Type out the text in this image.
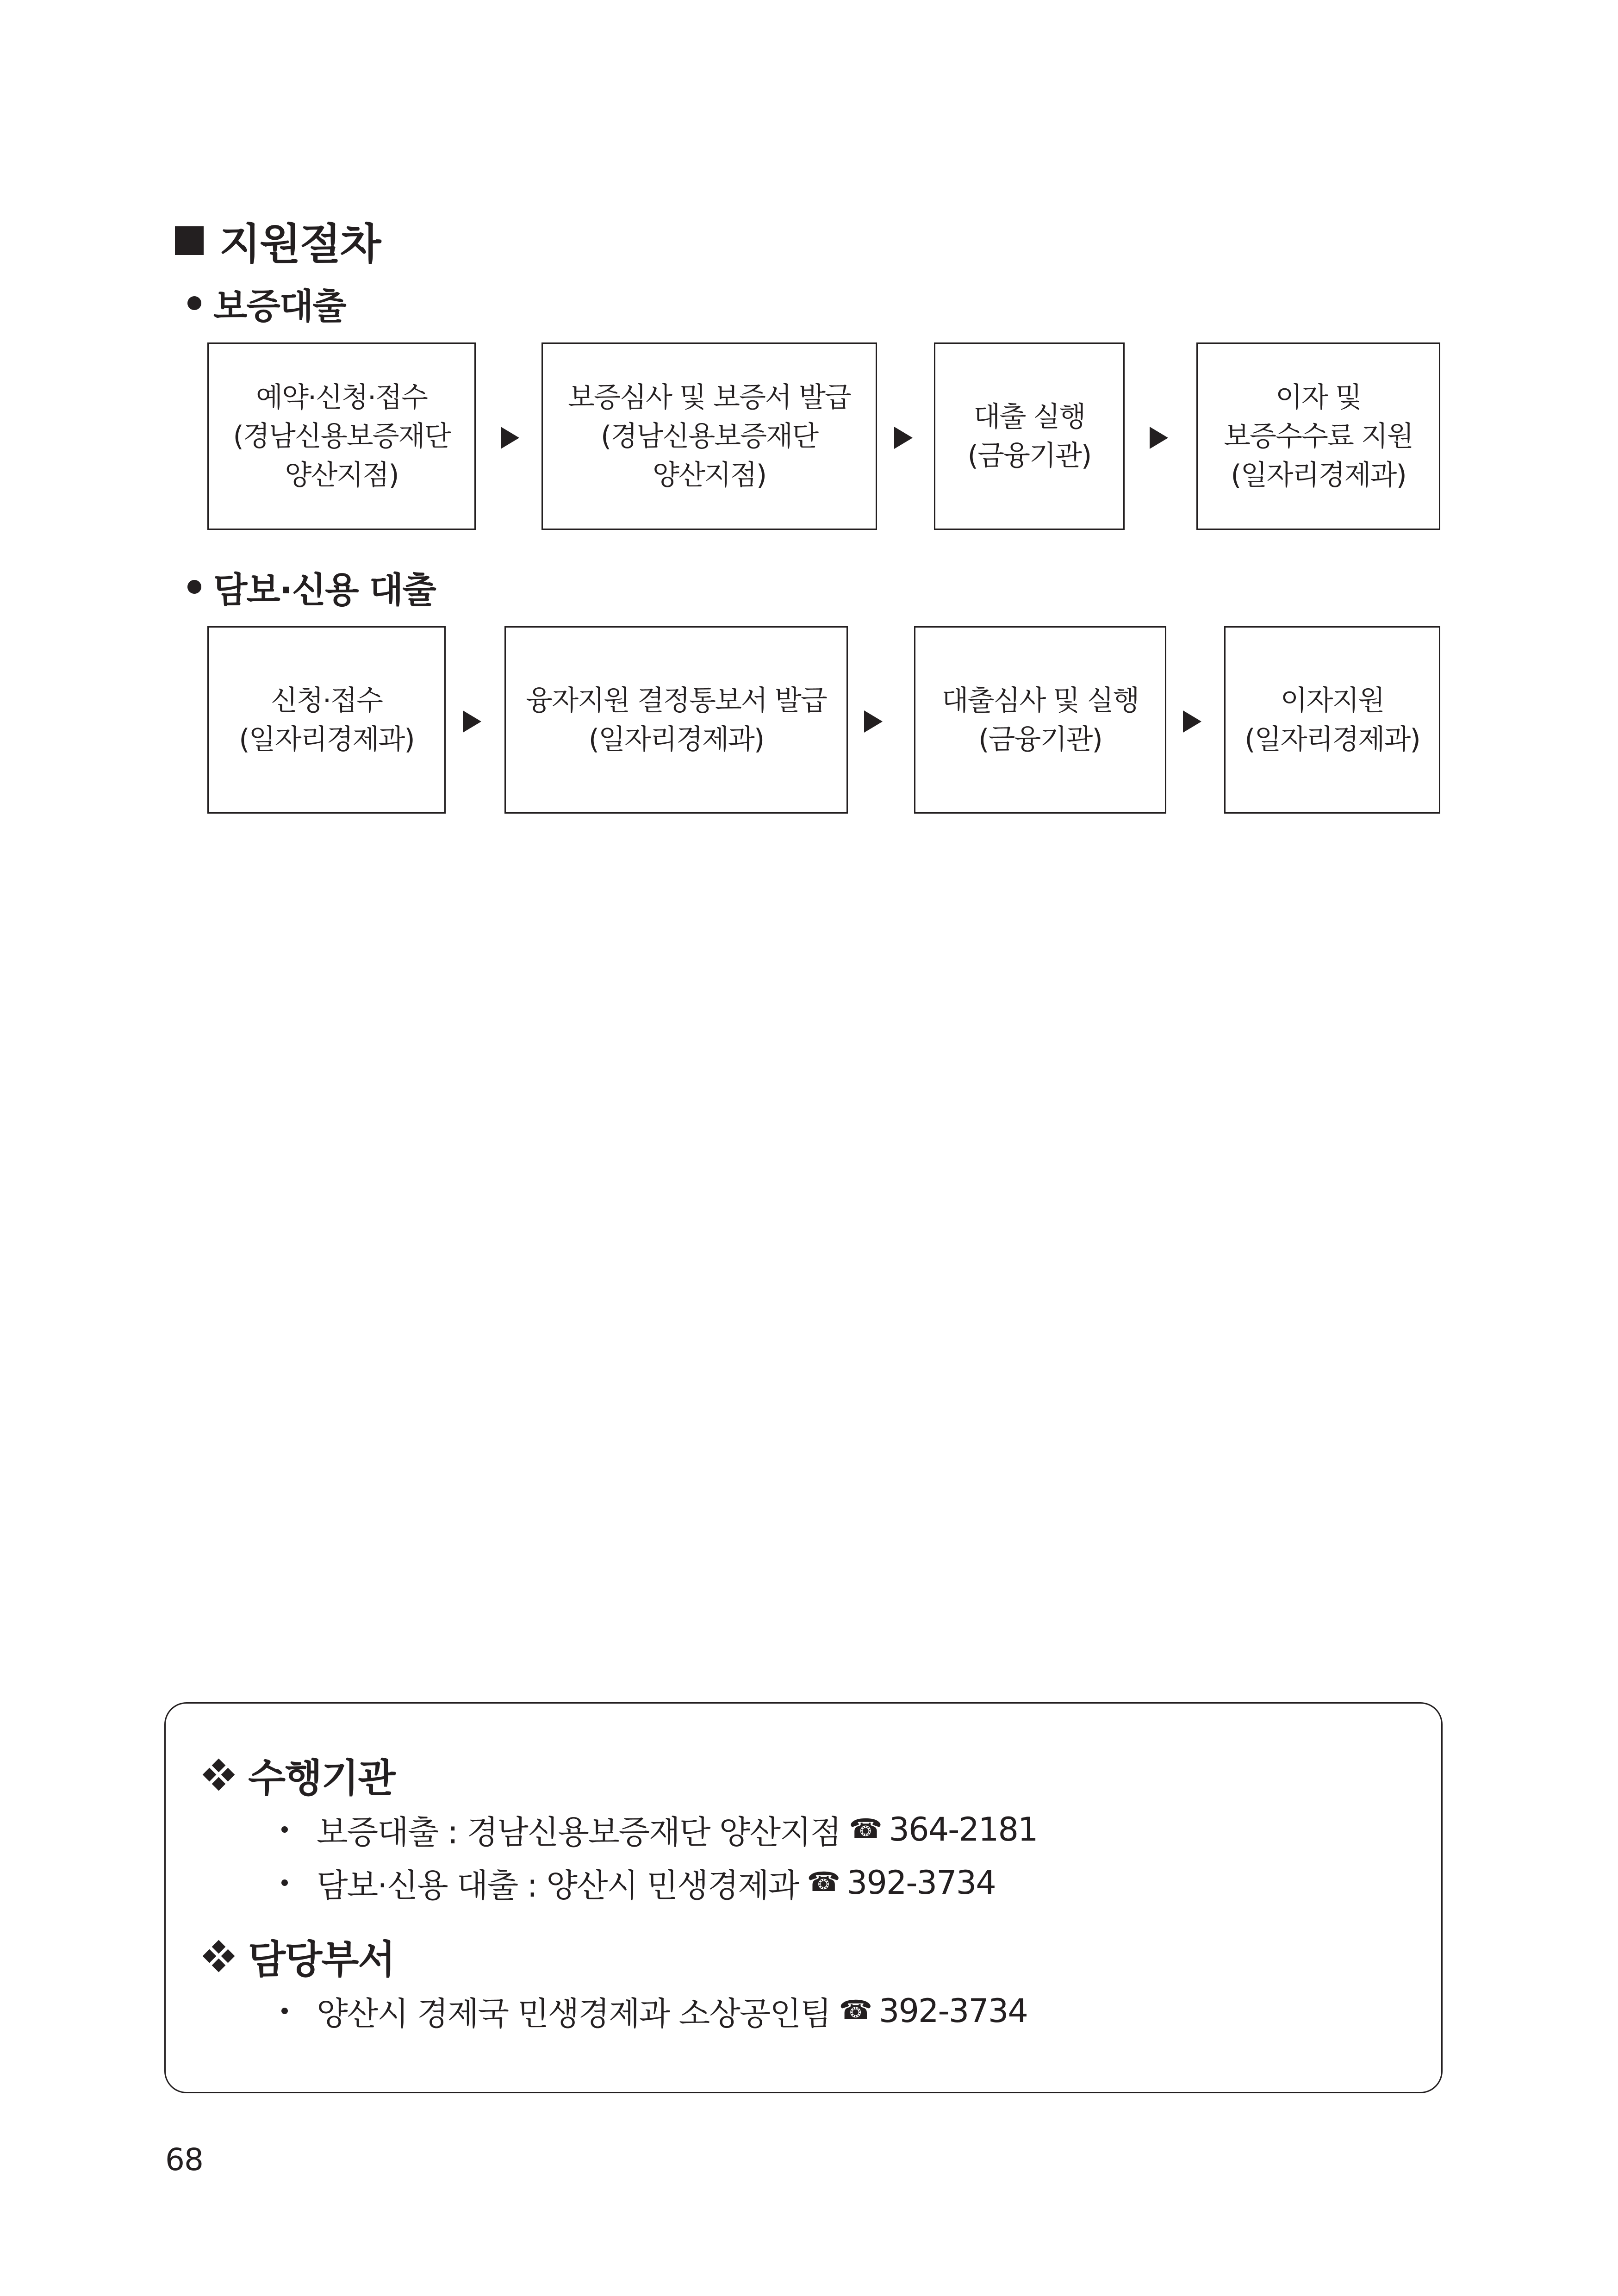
지원절차
보증대출
예약·신청·접수
(경남신용보증재단
양산지점)
보증심사 및 보증서 발급
(경남신용보증재단
양산지점)
대출 실행
(금융기관)
이자 및
보증수수료 지원
(일자리경제과)
담보·신용 대출
신청·접수
(일자리경제과)
융자지원 결정통보서 발급
(일자리경제과)
대출심사 및 실행
(금융기관)
이자지원
(일자리경제과)
수행기관
보증대출 : 경남신용보증재단 양산지점 ☎ 364-2181
담보·신용 대출 : 양산시 민생경제과 ☎ 392-3734
담당부서
양산시 경제국 민생경제과 소상공인팀 ☎ 392-3734
68
